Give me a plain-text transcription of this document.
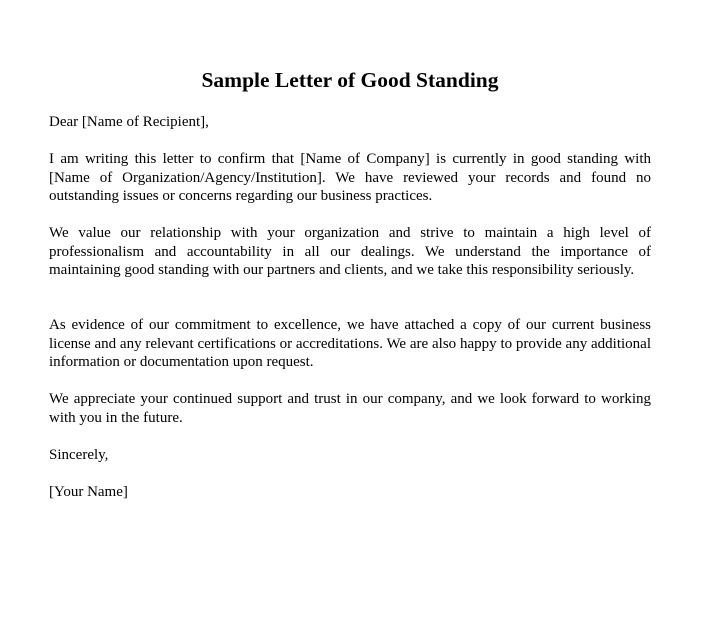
Sample Letter of Good Standing

Dear [Name of Recipient],

I am writing this letter to confirm that [Name of Company] is currently in good standing with [Name of Organization/Agency/Institution]. We have reviewed your records and found no outstanding issues or concerns regarding our business practices.

We value our relationship with your organization and strive to maintain a high level of professionalism and accountability in all our dealings. We understand the importance of maintaining good standing with our partners and clients, and we take this responsibility seriously.

As evidence of our commitment to excellence, we have attached a copy of our current business license and any relevant certifications or accreditations. We are also happy to provide any additional information or documentation upon request.

We appreciate your continued support and trust in our company, and we look forward to working with you in the future.

Sincerely,

[Your Name]
